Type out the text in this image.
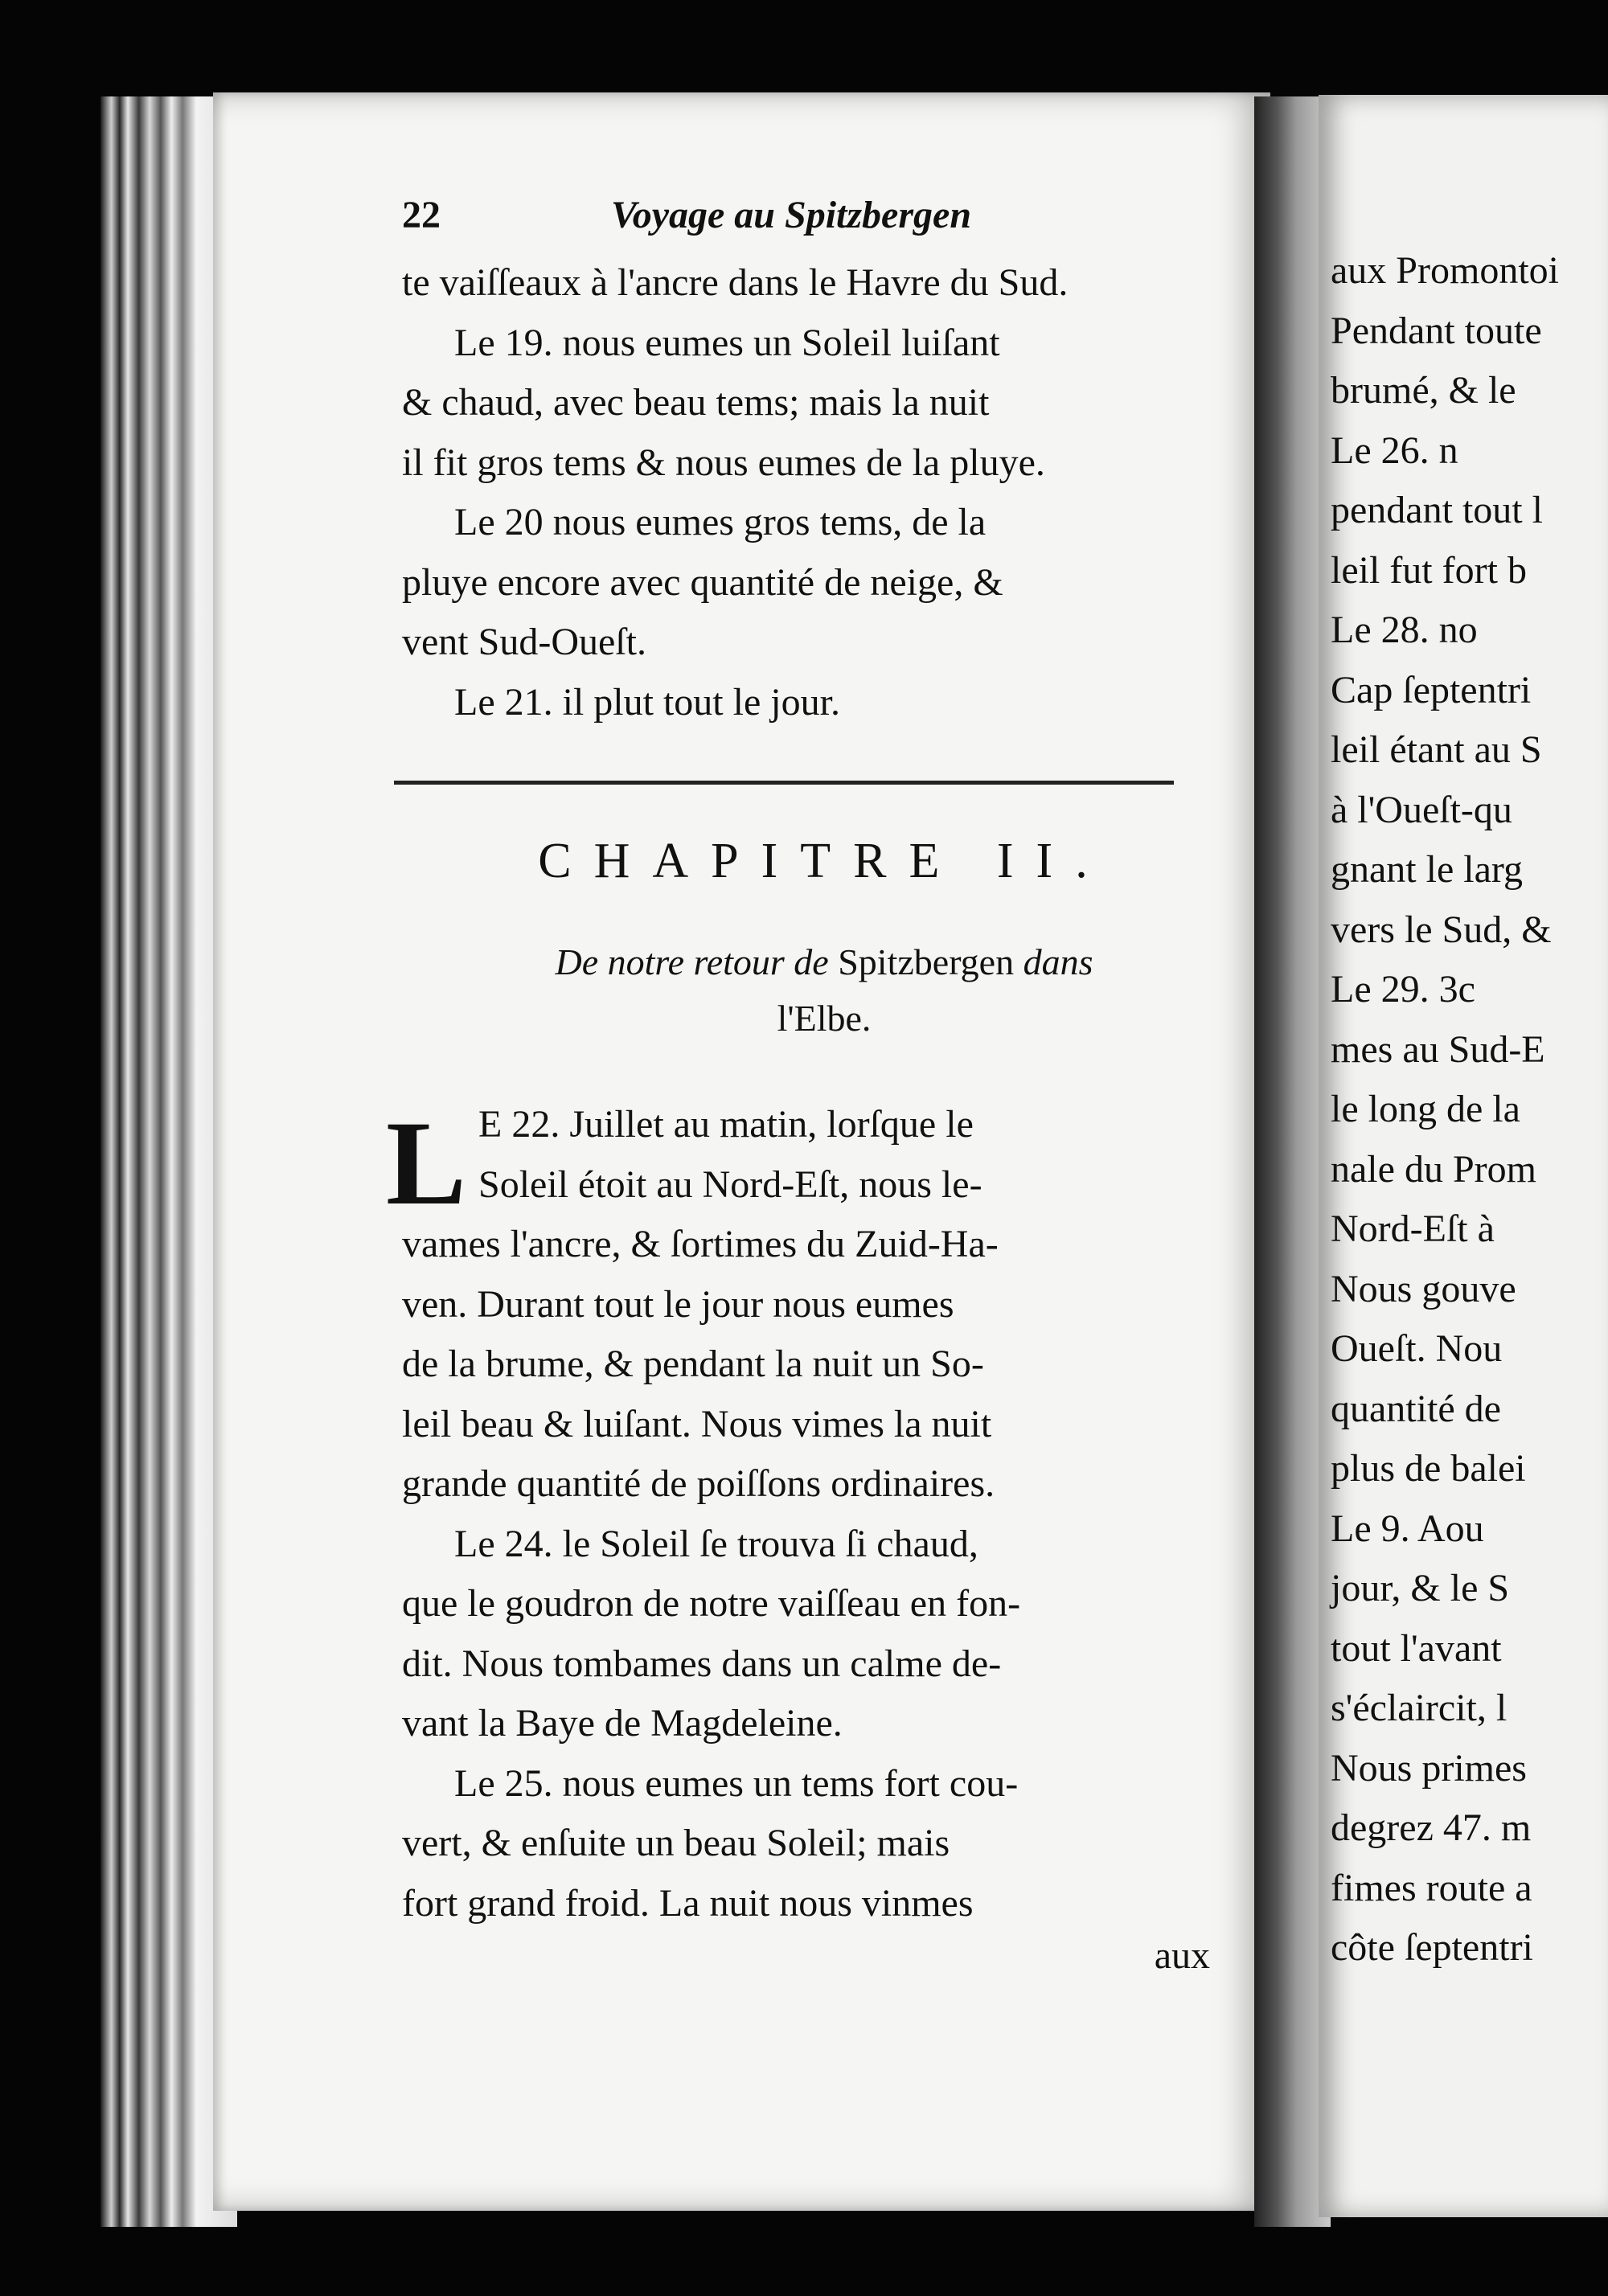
22	Voyage au Spitzbergen
te vaiſſeaux à l'ancre dans le Havre du Sud.
Le 19. nous eumes un Soleil luiſant
& chaud, avec beau tems; mais la nuit
il fit gros tems & nous eumes de la pluye.
Le 20 nous eumes gros tems, de la
pluye encore avec quantité de neige, &
vent Sud-Oueſt.
Le 21. il plut tout le jour.
CHAPITRE II.
De notre retour de Spitzbergen dans
l'Elbe.
L E 22. Juillet au matin, lorſque le
Soleil étoit au Nord-Eſt, nous le-
vames l'ancre, & ſortimes du Zuid-Ha-
ven. Durant tout le jour nous eumes
de la brume, & pendant la nuit un So-
leil beau & luiſant. Nous vimes la nuit
grande quantité de poiſſons ordinaires.
Le 24. le Soleil ſe trouva ſi chaud,
que le goudron de notre vaiſſeau en fon-
dit. Nous tombames dans un calme de-
vant la Baye de Magdeleine.
Le 25. nous eumes un tems fort cou-
vert, & enſuite un beau Soleil; mais
fort grand froid. La nuit nous vinmes
aux
aux Promontoi
Pendant toute
brumé, & le
Le 26. n
pendant tout l
leil fut fort b
Le 28. no
Cap ſeptentri
leil étant au S
à l'Oueſt-qu
gnant le larg
vers le Sud, &
Le 29. 3c
mes au Sud-E
le long de la
nale du Prom
Nord-Eſt à
Nous gouve
Oueſt. Nou
quantité de
plus de balei
Le 9. Aou
jour, & le S
tout l'avant
s'éclaircit, l
Nous primes
degrez 47. m
fimes route a
côte ſeptentri
